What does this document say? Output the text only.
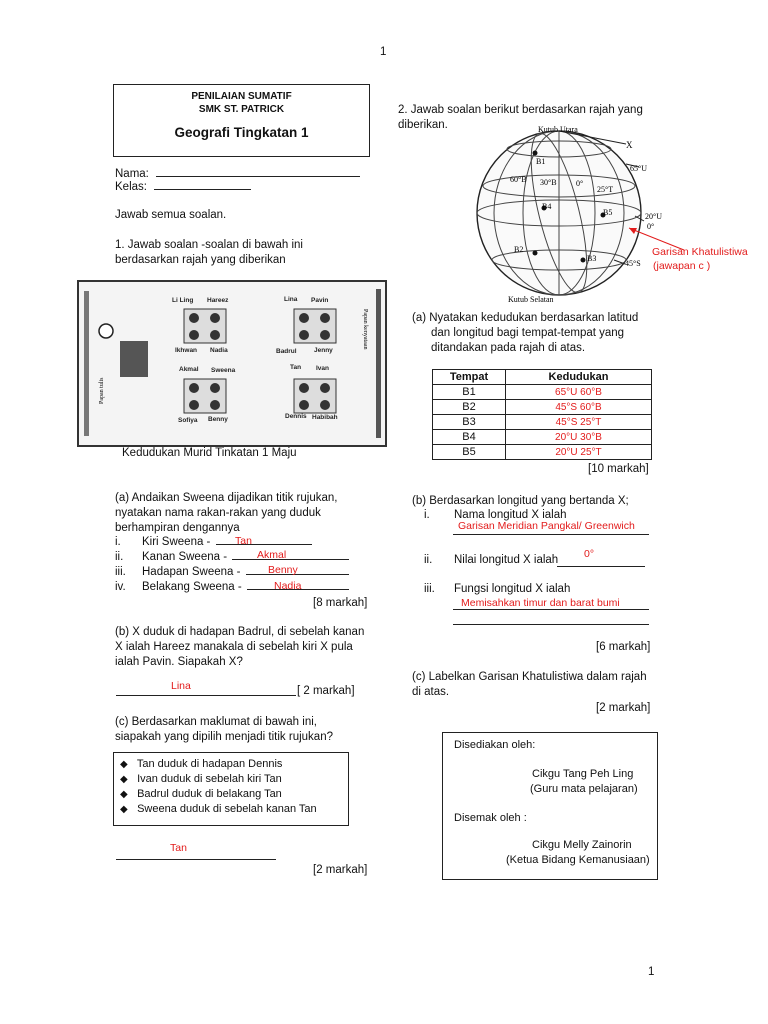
1
1
PENILAIAN SUMATIF
SMK ST. PATRICK
Geografi Tingkatan 1
Nama:
Kelas:
Jawab semua soalan.
1. Jawab soalan -soalan di bawah ini
berdasarkan rajah yang diberikan
Papan tulis
Papan kenyataan
Li Ling Hareez
Ikhwan Nadia
Lina Pavin
Badrul	Jenny
Akmal Sweena	Tan Ivan
Sofiya Benny	Dennis Habibah
Kedudukan Murid Tinkatan 1 Maju
(a) Andaikan Sweena dijadikan titik rujukan,
nyatakan nama rakan-rakan yang duduk
berhampiran dengannya
i. Kiri Sweena -	Tan
ii. Kanan Sweena -	Akmal
iii. Hadapan Sweena -	Benny
iv. Belakang Sweena -	Nadia
[8 markah]
(b) X duduk di hadapan Badrul, di sebelah kanan
X ialah Hareez manakala di sebelah kiri X pula
ialah Pavin. Siapakah X?
Lina	[ 2 markah]
(c) Berdasarkan maklumat di bawah ini,
siapakah yang dipilih menjadi titik rujukan?
◆ Tan duduk di hadapan Dennis
◆ Ivan duduk di sebelah kiri Tan
◆ Badrul duduk di belakang Tan
◆ Sweena duduk di sebelah kanan Tan
Tan
[2 markah]
2. Jawab soalan berikut berdasarkan rajah yang
diberikan.	Kutub Utara
Kutub Selatan
X
B1
B4
B5
B2
B3
60°B 30°B 0°
25°T
65°U
20°U
0°
45°S
Garisan Khatulistiwa
(jawapan c )
(a) Nyatakan kedudukan berdasarkan latitud
dan longitud bagi tempat-tempat yang
ditandakan pada rajah di atas.
Tempat	Kedudukan
B1	65°U 60°B
B2	45°S 60°B
B3	45°S 25°T
B4	20°U 30°B
B5	20°U 25°T
[10 markah]
(b) Berdasarkan longitud yang bertanda X;
i. Nama longitud X ialah
Garisan Meridian Pangkal/ Greenwich
ii. Nilai longitud X ialah 0°
iii. Fungsi longitud X ialah
Memisahkan timur dan barat bumi
[6 markah]
(c) Labelkan Garisan Khatulistiwa dalam rajah
di atas.
[2 markah]
Disediakan oleh:
Cikgu Tang Peh Ling
(Guru mata pelajaran)
Disemak oleh :
Cikgu Melly Zainorin
(Ketua Bidang Kemanusiaan)
